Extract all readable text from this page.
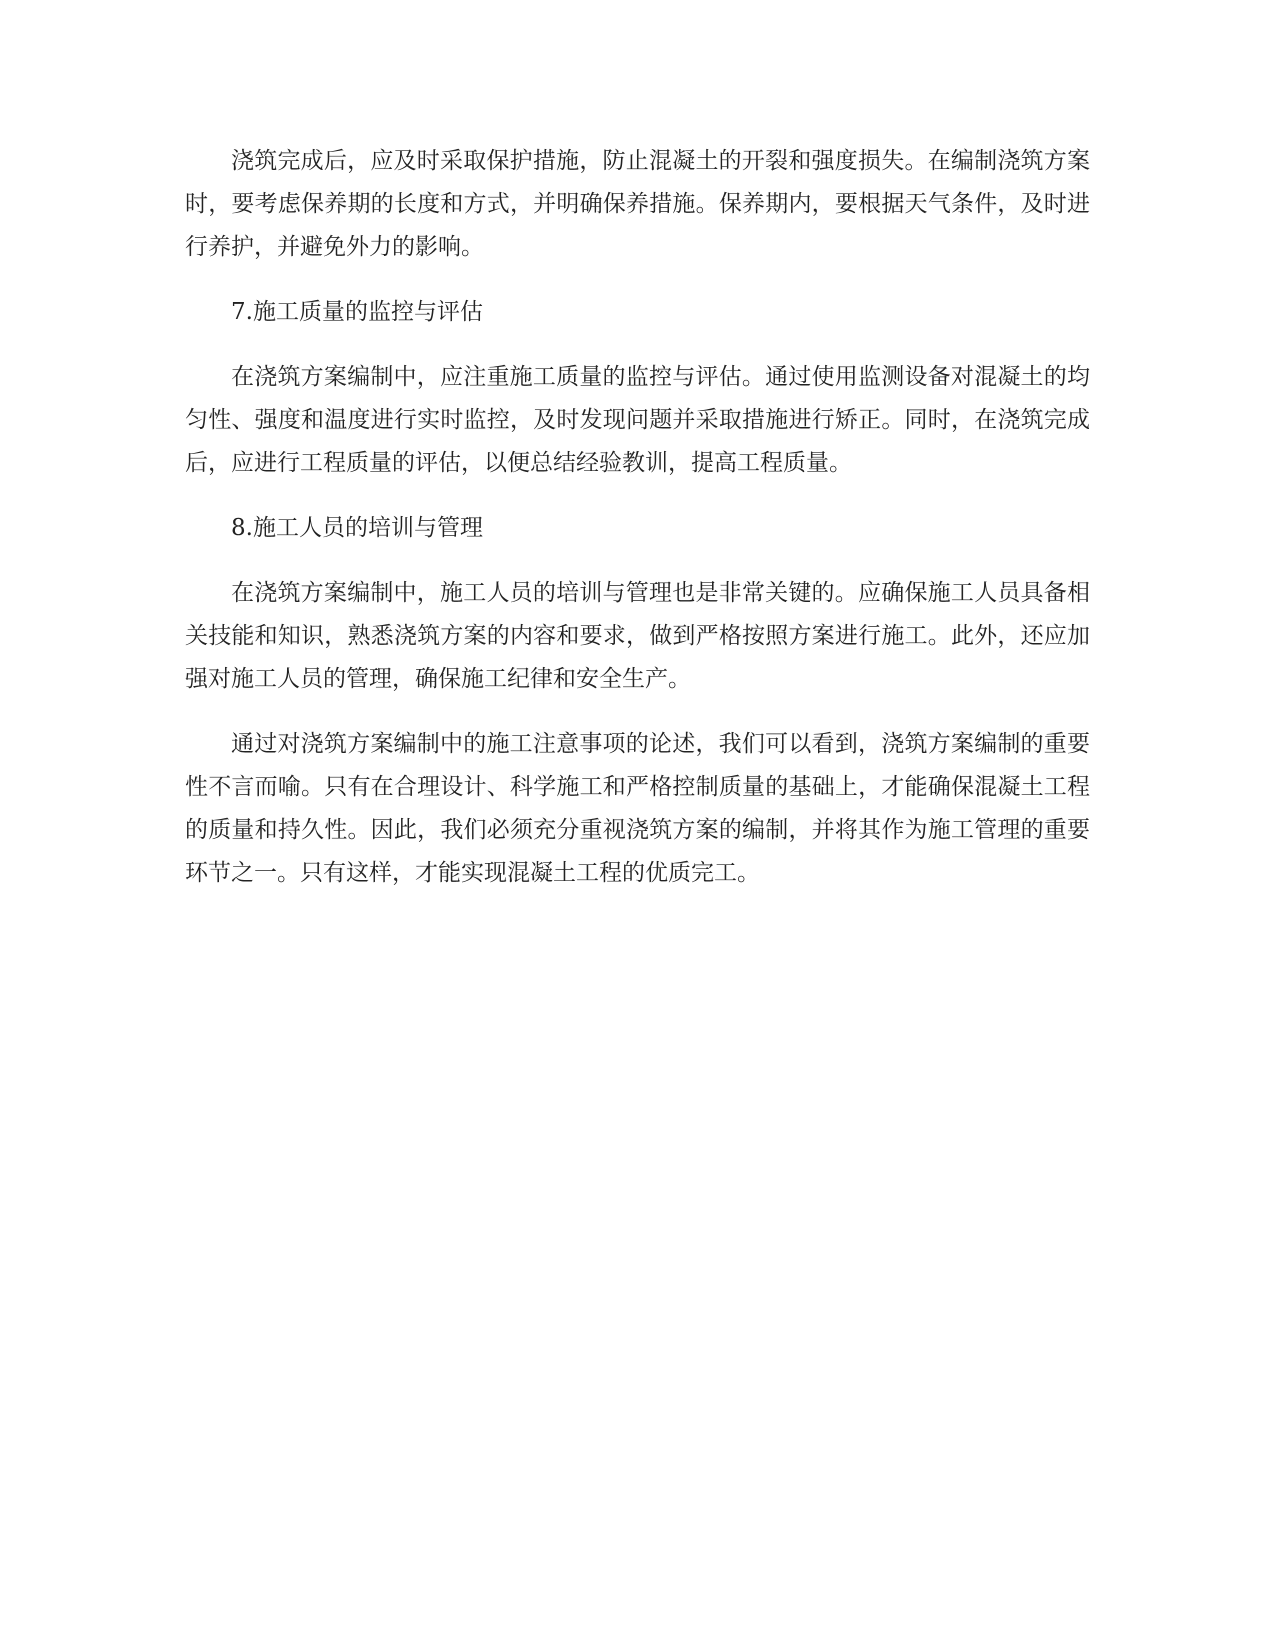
浇筑完成后，应及时采取保护措施，防止混凝土的开裂和强度损失。在编制浇筑方案时，要考虑保养期的长度和方式，并明确保养措施。保养期内，要根据天气条件，及时进行养护，并避免外力的影响。

7.施工质量的监控与评估

在浇筑方案编制中，应注重施工质量的监控与评估。通过使用监测设备对混凝土的均匀性、强度和温度进行实时监控，及时发现问题并采取措施进行矫正。同时，在浇筑完成后，应进行工程质量的评估，以便总结经验教训，提高工程质量。

8.施工人员的培训与管理

在浇筑方案编制中，施工人员的培训与管理也是非常关键的。应确保施工人员具备相关技能和知识，熟悉浇筑方案的内容和要求，做到严格按照方案进行施工。此外，还应加强对施工人员的管理，确保施工纪律和安全生产。

通过对浇筑方案编制中的施工注意事项的论述，我们可以看到，浇筑方案编制的重要性不言而喻。只有在合理设计、科学施工和严格控制质量的基础上，才能确保混凝土工程的质量和持久性。因此，我们必须充分重视浇筑方案的编制，并将其作为施工管理的重要环节之一。只有这样，才能实现混凝土工程的优质完工。
